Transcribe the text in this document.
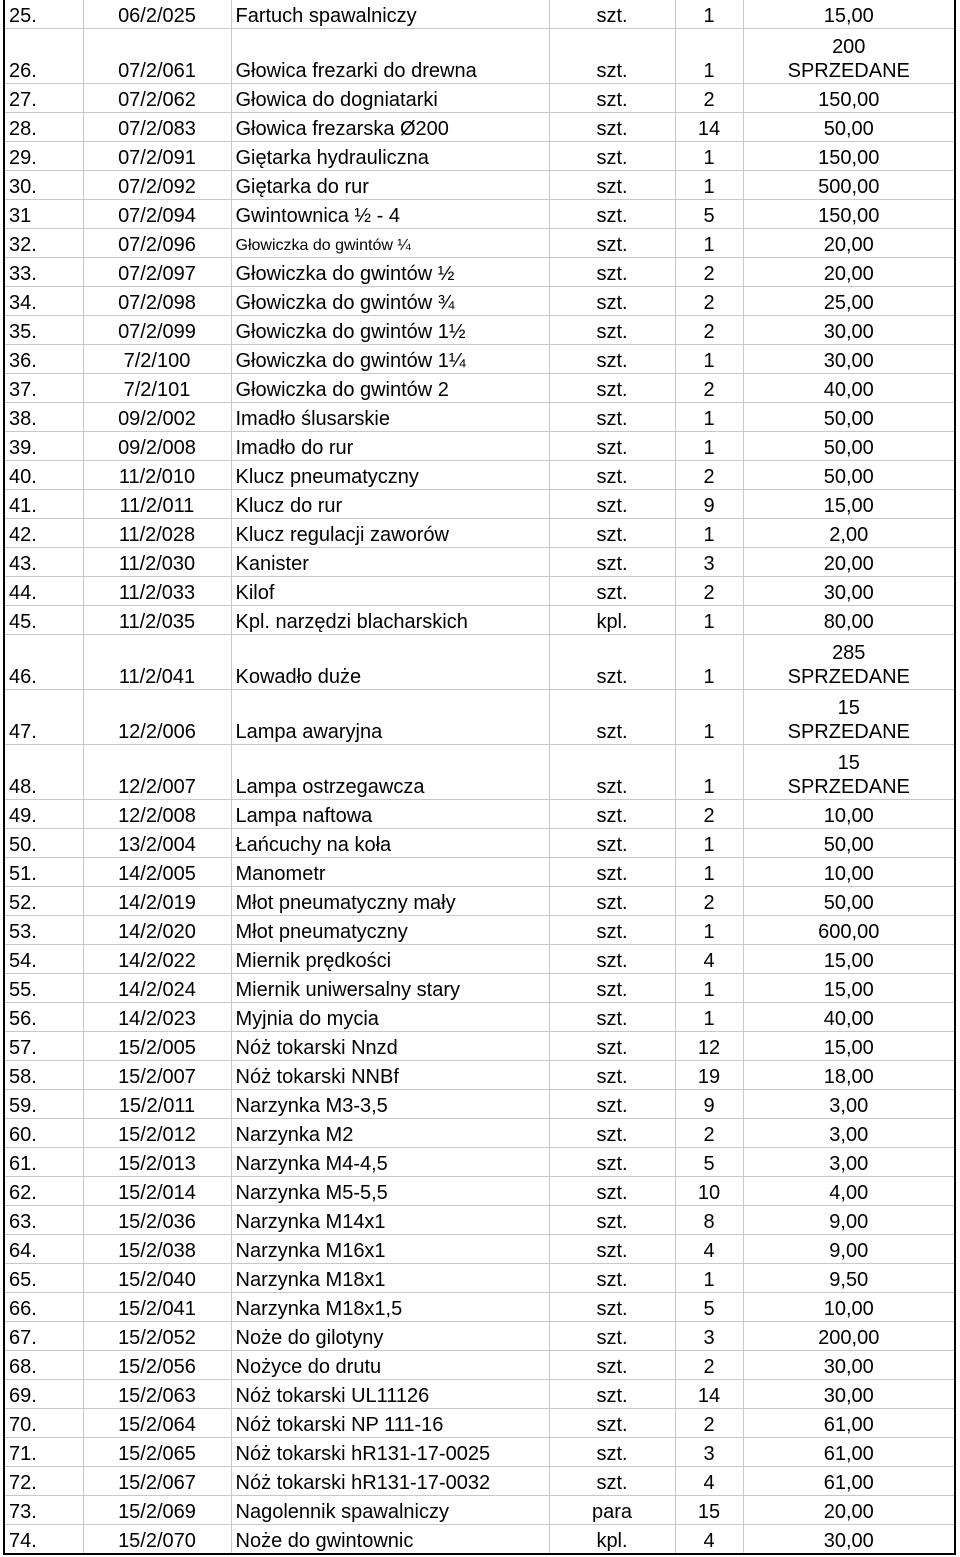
25.	06/2/025	Fartuch spawalniczy	szt.	1	15,00
26.	07/2/061	Głowica frezarki do drewna	szt.	1	200
SPRZEDANE

27.	07/2/062	Głowica do dogniatarki	szt.	2	150,00
28.	07/2/083	Głowica frezarska Ø200	szt.	14	50,00
29.	07/2/091	Giętarka hydrauliczna	szt.	1	150,00
30.	07/2/092	Giętarka do rur	szt.	1	500,00
31	07/2/094	Gwintownica ½ - 4	szt.	5	150,00
32.	07/2/096	Głowiczka do gwintów ¼	szt.	1	20,00
33.	07/2/097	Głowiczka do gwintów ½	szt.	2	20,00
34.	07/2/098	Głowiczka do gwintów ¾	szt.	2	25,00
35.	07/2/099	Głowiczka do gwintów 1½	szt.	2	30,00
36.	7/2/100	Głowiczka do gwintów 1¼	szt.	1	30,00
37.	7/2/101	Głowiczka do gwintów 2	szt.	2	40,00
38.	09/2/002	Imadło ślusarskie	szt.	1	50,00
39.	09/2/008	Imadło do rur	szt.	1	50,00
40.	11/2/010	Klucz pneumatyczny	szt.	2	50,00
41.	11/2/011	Klucz do rur	szt.	9	15,00
42.	11/2/028	Klucz regulacji zaworów	szt.	1	2,00
43.	11/2/030	Kanister	szt.	3	20,00
44.	11/2/033	Kilof	szt.	2	30,00
45.	11/2/035	Kpl. narzędzi blacharskich	kpl.	1	80,00
46.	11/2/041	Kowadło duże	szt.	1	285
SPRZEDANE

47.	12/2/006	Lampa awaryjna	szt.	1	15
SPRZEDANE

48.	12/2/007	Lampa ostrzegawcza	szt.	1	15
SPRZEDANE

49.	12/2/008	Lampa naftowa	szt.	2	10,00
50.	13/2/004	Łańcuchy na koła	szt.	1	50,00
51.	14/2/005	Manometr	szt.	1	10,00
52.	14/2/019	Młot pneumatyczny mały	szt.	2	50,00
53.	14/2/020	Młot pneumatyczny	szt.	1	600,00
54.	14/2/022	Miernik prędkości	szt.	4	15,00
55.	14/2/024	Miernik uniwersalny stary	szt.	1	15,00
56.	14/2/023	Myjnia do mycia	szt.	1	40,00
57.	15/2/005	Nóż tokarski Nnzd	szt.	12	15,00
58.	15/2/007	Nóż tokarski NNBf	szt.	19	18,00
59.	15/2/011	Narzynka M3-3,5	szt.	9	3,00
60.	15/2/012	Narzynka M2	szt.	2	3,00
61.	15/2/013	Narzynka M4-4,5	szt.	5	3,00
62.	15/2/014	Narzynka M5-5,5	szt.	10	4,00
63.	15/2/036	Narzynka M14x1	szt.	8	9,00
64.	15/2/038	Narzynka M16x1	szt.	4	9,00
65.	15/2/040	Narzynka M18x1	szt.	1	9,50
66.	15/2/041	Narzynka M18x1,5	szt.	5	10,00
67.	15/2/052	Noże do gilotyny	szt.	3	200,00
68.	15/2/056	Nożyce do drutu	szt.	2	30,00
69.	15/2/063	Nóż tokarski UL11126	szt.	14	30,00
70.	15/2/064	Nóż tokarski NP 111-16	szt.	2	61,00
71.	15/2/065	Nóż tokarski hR131-17-0025	szt.	3	61,00
72.	15/2/067	Nóż tokarski hR131-17-0032	szt.	4	61,00
73.	15/2/069	Nagolennik spawalniczy	para	15	20,00
74.	15/2/070	Noże do gwintownic	kpl.	4	30,00
